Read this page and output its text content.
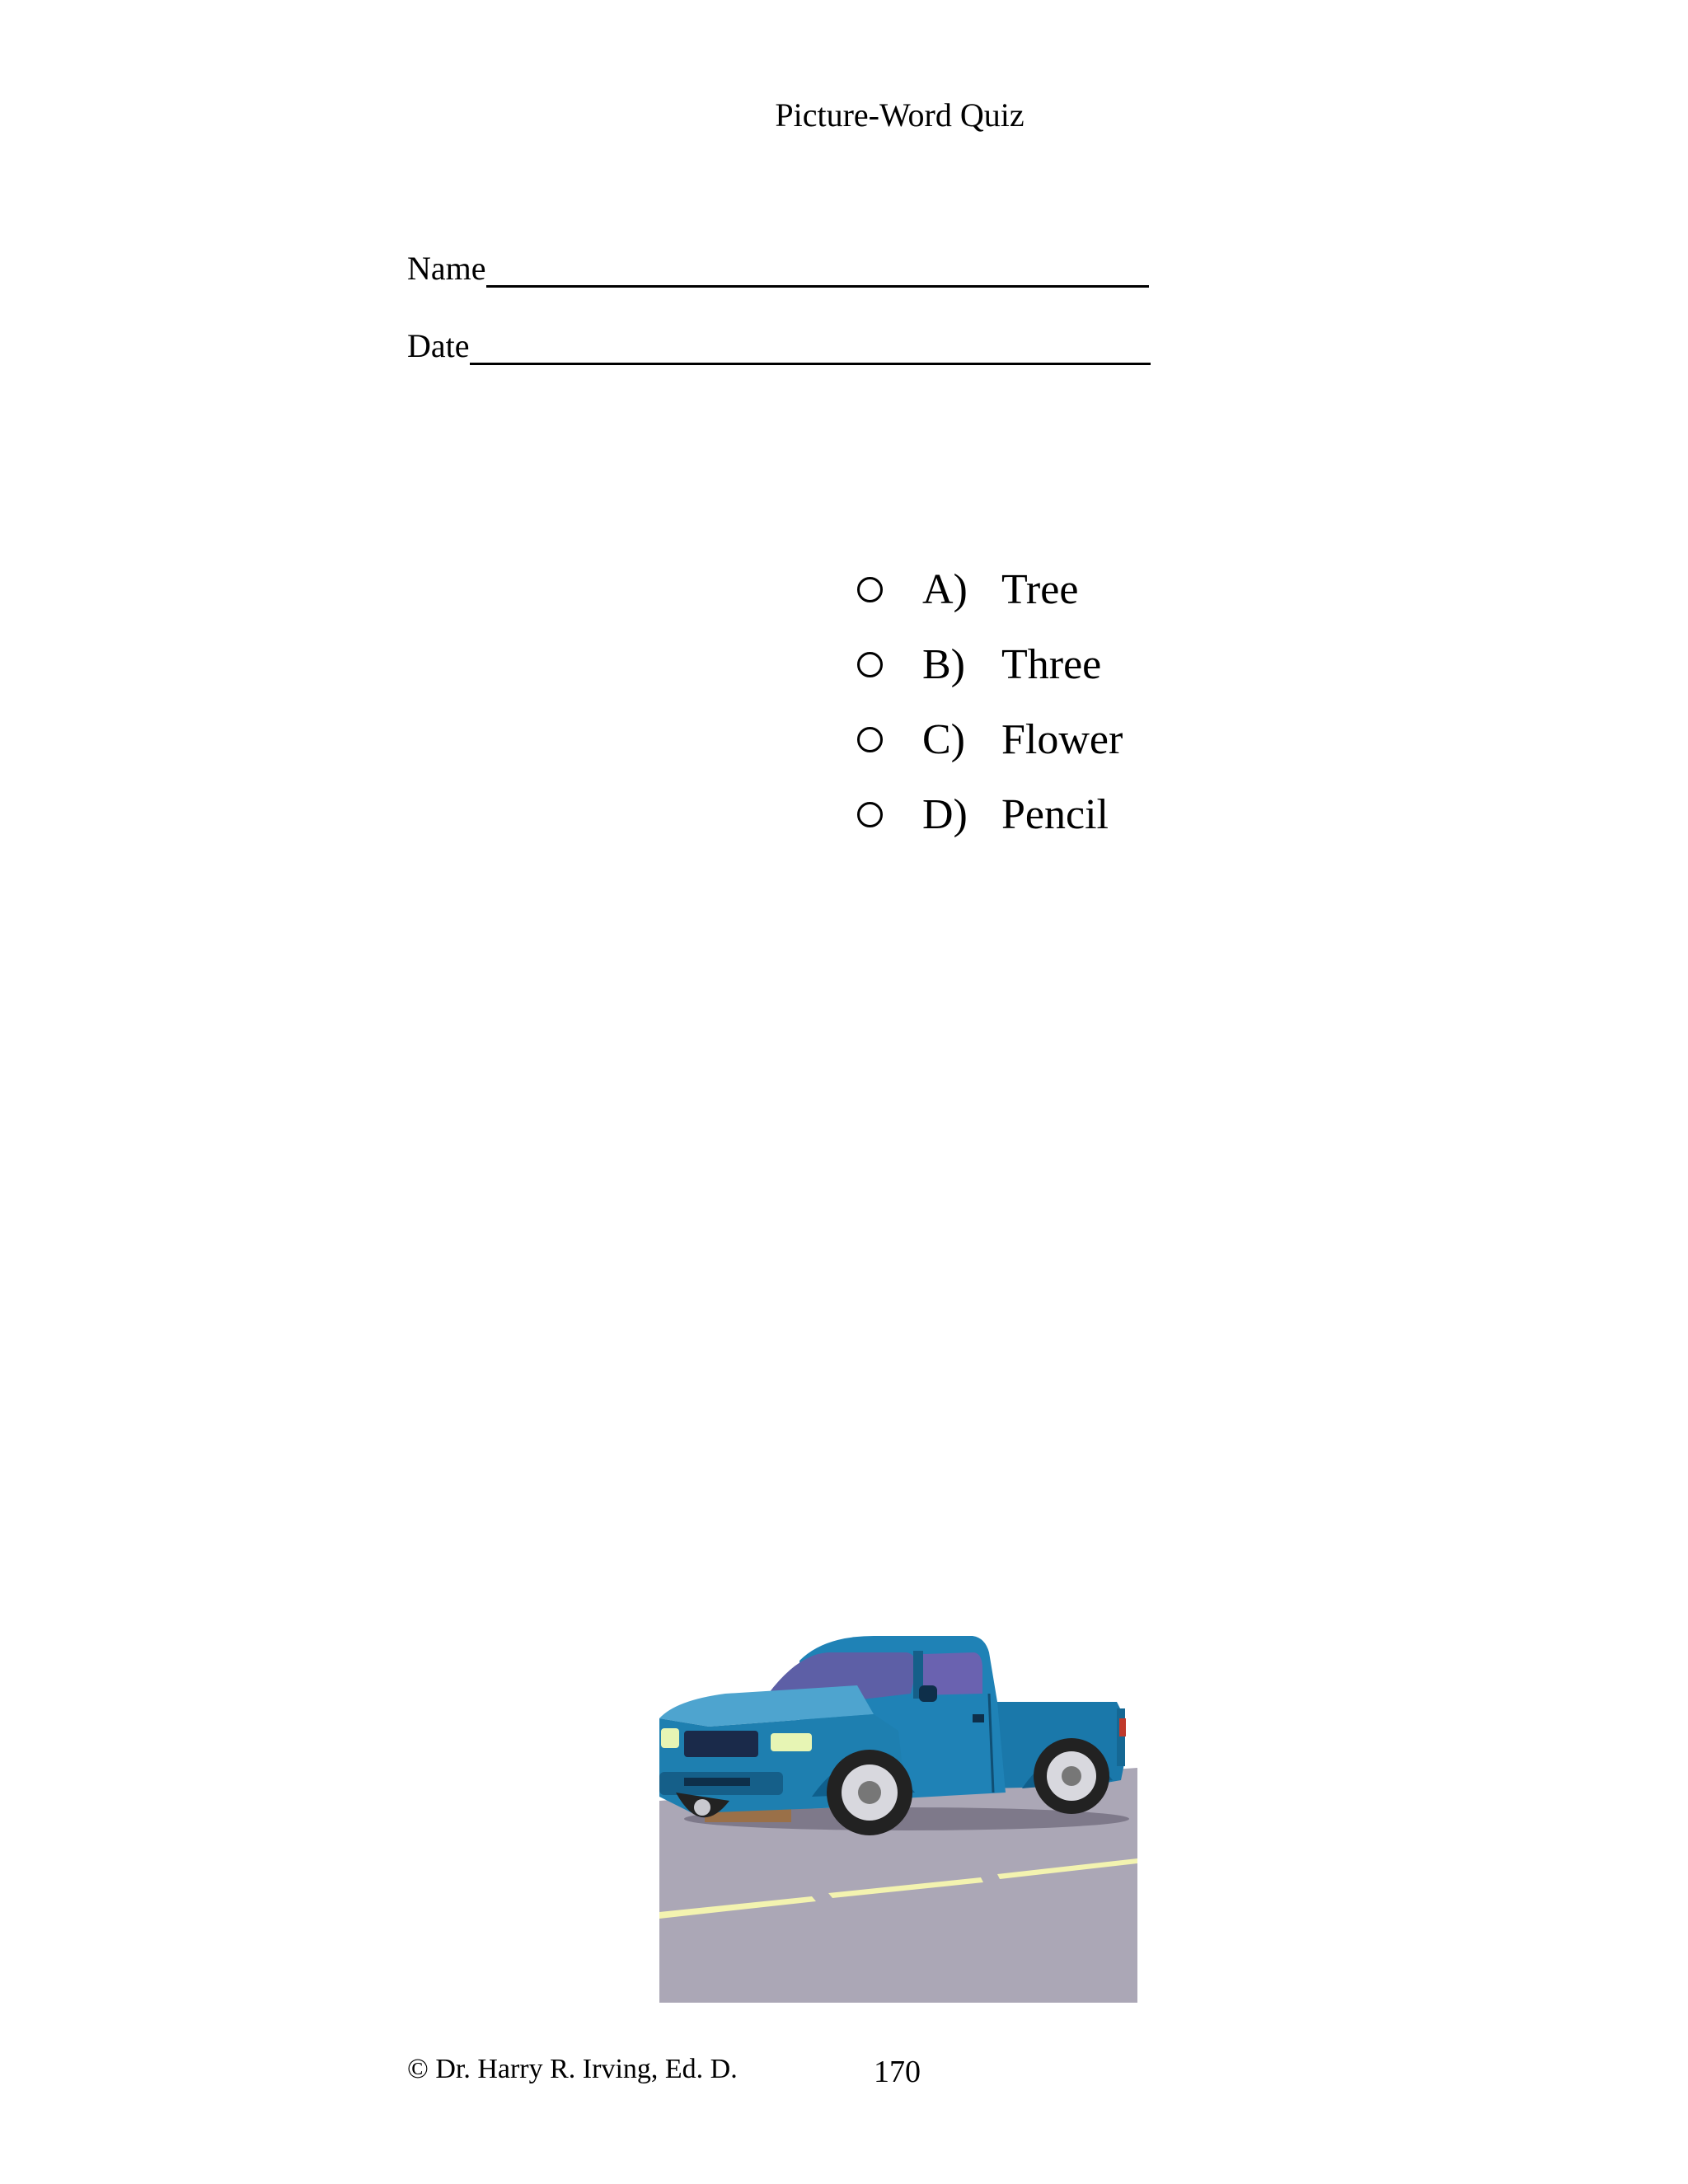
Picture-Word Quiz
Name
Date
A) Tree
B) Three
C) Flower
D) Pencil
© Dr. Harry R. Irving, Ed. D.	170
